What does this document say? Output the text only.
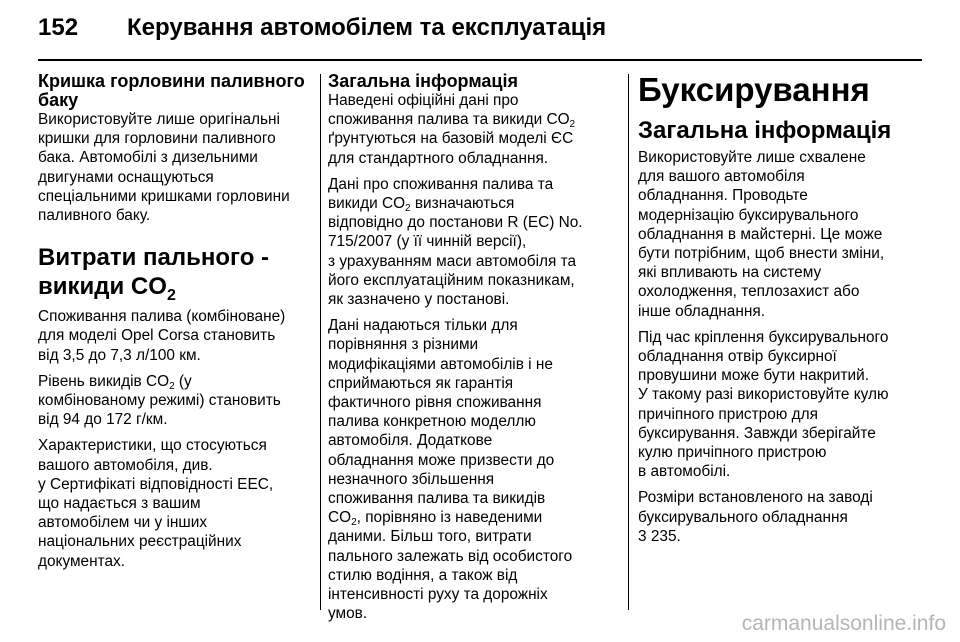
152 Керування автомобілем та експлуатація
Кришка горловини паливного
баку

Використовуйте лише оригінальні

кришки для горловини паливного

бака. Автомобілі з дизельними

двигунами оснащуються

спеціальними кришками горловини

паливного баку.

Витрати пального -
викиди $CO_2$

Споживання палива (комбіноване)

для моделі Opel Corsa становить

від 3,5 до 7,3 л/100 км.

Рівень викидів $CO_2$ (у

комбінованому режимі) становить

від 94 до 172 г/км.

Характеристики, що стосуються

вашого автомобіля, див.

у Сертифікаті відповідності EEC,

що надається з вашим

автомобілем чи у інших

національних реєстраційних

документах.

Загальна інформація

Наведені офіційні дані про

споживання палива та викиди $CO_2$

ґрунтуються на базовій моделі ЄС

для стандартного обладнання.

Дані про споживання палива та

викиди $CO_2$ визначаються

відповідно до постанови R (EC) No.

715/2007 (у її чинній версії),

з урахуванням маси автомобіля та

його експлуатаційним показникам,

як зазначено у постанові.

Дані надаються тільки для

порівняння з різними

модифікаціями автомобілів і не

сприймаються як гарантія

фактичного рівня споживання

палива конкретною моделлю

автомобіля. Додаткове

обладнання може призвести до

незначного збільшення

споживання палива та викидів

$CO_2$, порівняно із наведеними

даними. Більш того, витрати

пального залежать від особистого

стилю водіння, а також від

інтенсивності руху та дорожніх

умов.

Буксирування
Загальна інформація

Використовуйте лише схвалене

для вашого автомобіля

обладнання. Проводьте

модернізацію буксирувального

обладнання в майстерні. Це може

бути потрібним, щоб внести зміни,

які впливають на систему

охолодження, теплозахист або

інше обладнання.

Під час кріплення буксирувального

обладнання отвір буксирної

провушини може бути накритий.

У такому разі використовуйте кулю

причіпного пристрою для

буксирування. Завжди зберігайте

кулю причіпного пристрою

в автомобілі.

Розміри встановленого на заводі

буксирувального обладнання

3 235.

carmanualsonline.info
